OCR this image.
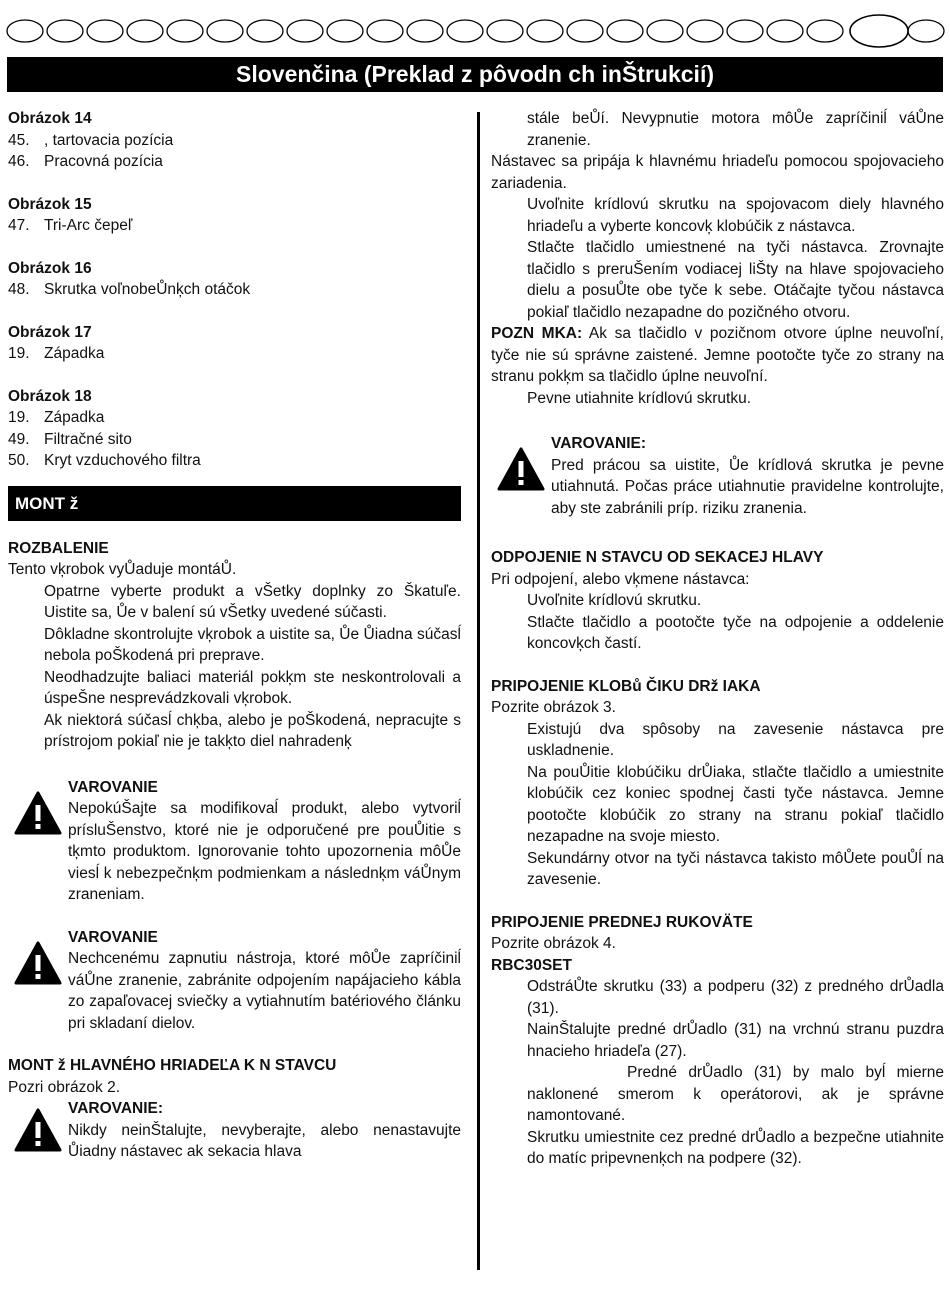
Slovenčina (Preklad z pôvodn ch inŠtrukcií)

Obrázok 14

45. , tartovacia pozícia

46. Pracovná pozícia

Obrázok 15

47. Tri-Arc čepeľ

Obrázok 16

48. Skrutka voľnobeŮnķch otáčok

Obrázok 17

19. Západka

Obrázok 18

19. Západka

49. Filtračné sito

50. Kryt vzduchového filtra

MONT ž

ROZBALENIE

Tento vķrobok vyŮaduje montáŮ.

Opatrne vyberte produkt a vŠetky doplnky zo Škatuľe. Uistite sa, Ůe v balení sú vŠetky uvedené súčasti.

Dôkladne skontrolujte vķrobok a uistite sa, Ůe Ůiadna súčasĺ nebola poŠkodená pri preprave.

Neodhadzujte baliaci materiál pokķm ste neskontrolovali a úspeŠne nesprevádzkovali vķrobok.

Ak niektorá súčasĺ chķba, alebo je poŠkodená, nepracujte s prístrojom pokiaľ nie je takķto diel nahradenķ

VAROVANIE

NepokúŠajte sa modifikovaĺ produkt, alebo vytvoriĺ prísluŠenstvo, ktoré nie je odporučené pre pouŮitie s tķmto produktom. Ignorovanie tohto upozornenia môŮe viesĺ k nebezpečnķm podmienkam a následnķm váŮnym zraneniam.

VAROVANIE

Nechcenému zapnutiu nástroja, ktoré môŮe zapríčiniĺ váŮne zranenie, zabránite odpojením napájacieho kábla zo zapaľovacej sviečky a vytiahnutím batériového článku pri skladaní dielov.

MONT ž HLAVNÉHO HRIADEĽA K N STAVCU

Pozri obrázok 2.

VAROVANIE:

Nikdy neinŠtalujte, nevyberajte, alebo nenastavujte Ůiadny nástavec ak sekacia hlava

stále beŮí. Nevypnutie motora môŮe zapríčiniĺ váŮne zranenie.

Nástavec sa pripája k hlavnému hriadeľu pomocou spojovacieho zariadenia.

Uvoľnite krídlovú skrutku na spojovacom diely hlavného hriadeľu a vyberte koncovķ klobúčik z nástavca.

Stlačte tlačidlo umiestnené na tyči nástavca. Zrovnajte tlačidlo s preruŠením vodiacej liŠty na hlave spojovacieho dielu a posuŮte obe tyče k sebe. Otáčajte tyčou nástavca pokiaľ tlačidlo nezapadne do pozičného otvoru.

POZN MKA: Ak sa tlačidlo v pozičnom otvore úplne neuvoľní, tyče nie sú správne zaistené. Jemne pootočte tyče zo strany na stranu pokķm sa tlačidlo úplne neuvoľní.

Pevne utiahnite krídlovú skrutku.

VAROVANIE:

Pred prácou sa uistite, Ůe krídlová skrutka je pevne utiahnutá. Počas práce utiahnutie pravidelne kontrolujte, aby ste zabránili príp. riziku zranenia.

ODPOJENIE N STAVCU OD SEKACEJ HLAVY

Pri odpojení, alebo vķmene nástavca:

Uvoľnite krídlovú skrutku.

Stlačte tlačidlo a pootočte tyče na odpojenie a oddelenie koncovķch častí.

PRIPOJENIE KLOBů ČIKU DRž IAKA

Pozrite obrázok 3.

Existujú dva spôsoby na zavesenie nástavca pre uskladnenie.

Na pouŮitie klobúčiku drŮiaka, stlačte tlačidlo a umiestnite klobúčik cez koniec spodnej časti tyče nástavca. Jemne pootočte klobúčik zo strany na stranu pokiaľ tlačidlo nezapadne na svoje miesto.

Sekundárny otvor na tyči nástavca takisto môŮete pouŮĺ na zavesenie.

PRIPOJENIE PREDNEJ RUKOVÄTE

Pozrite obrázok 4.

RBC30SET

OdstráŮte skrutku (33) a podperu (32) z predného drŮadla (31).

NainŠtalujte predné drŮadlo (31) na vrchnú stranu puzdra hnacieho hriadeľa (27).

Predné drŮadlo (31) by malo byĺ mierne naklonené smerom k operátorovi, ak je správne namontované.

Skrutku umiestnite cez predné drŮadlo a bezpečne utiahnite do matíc pripevnenķch na podpere (32).
